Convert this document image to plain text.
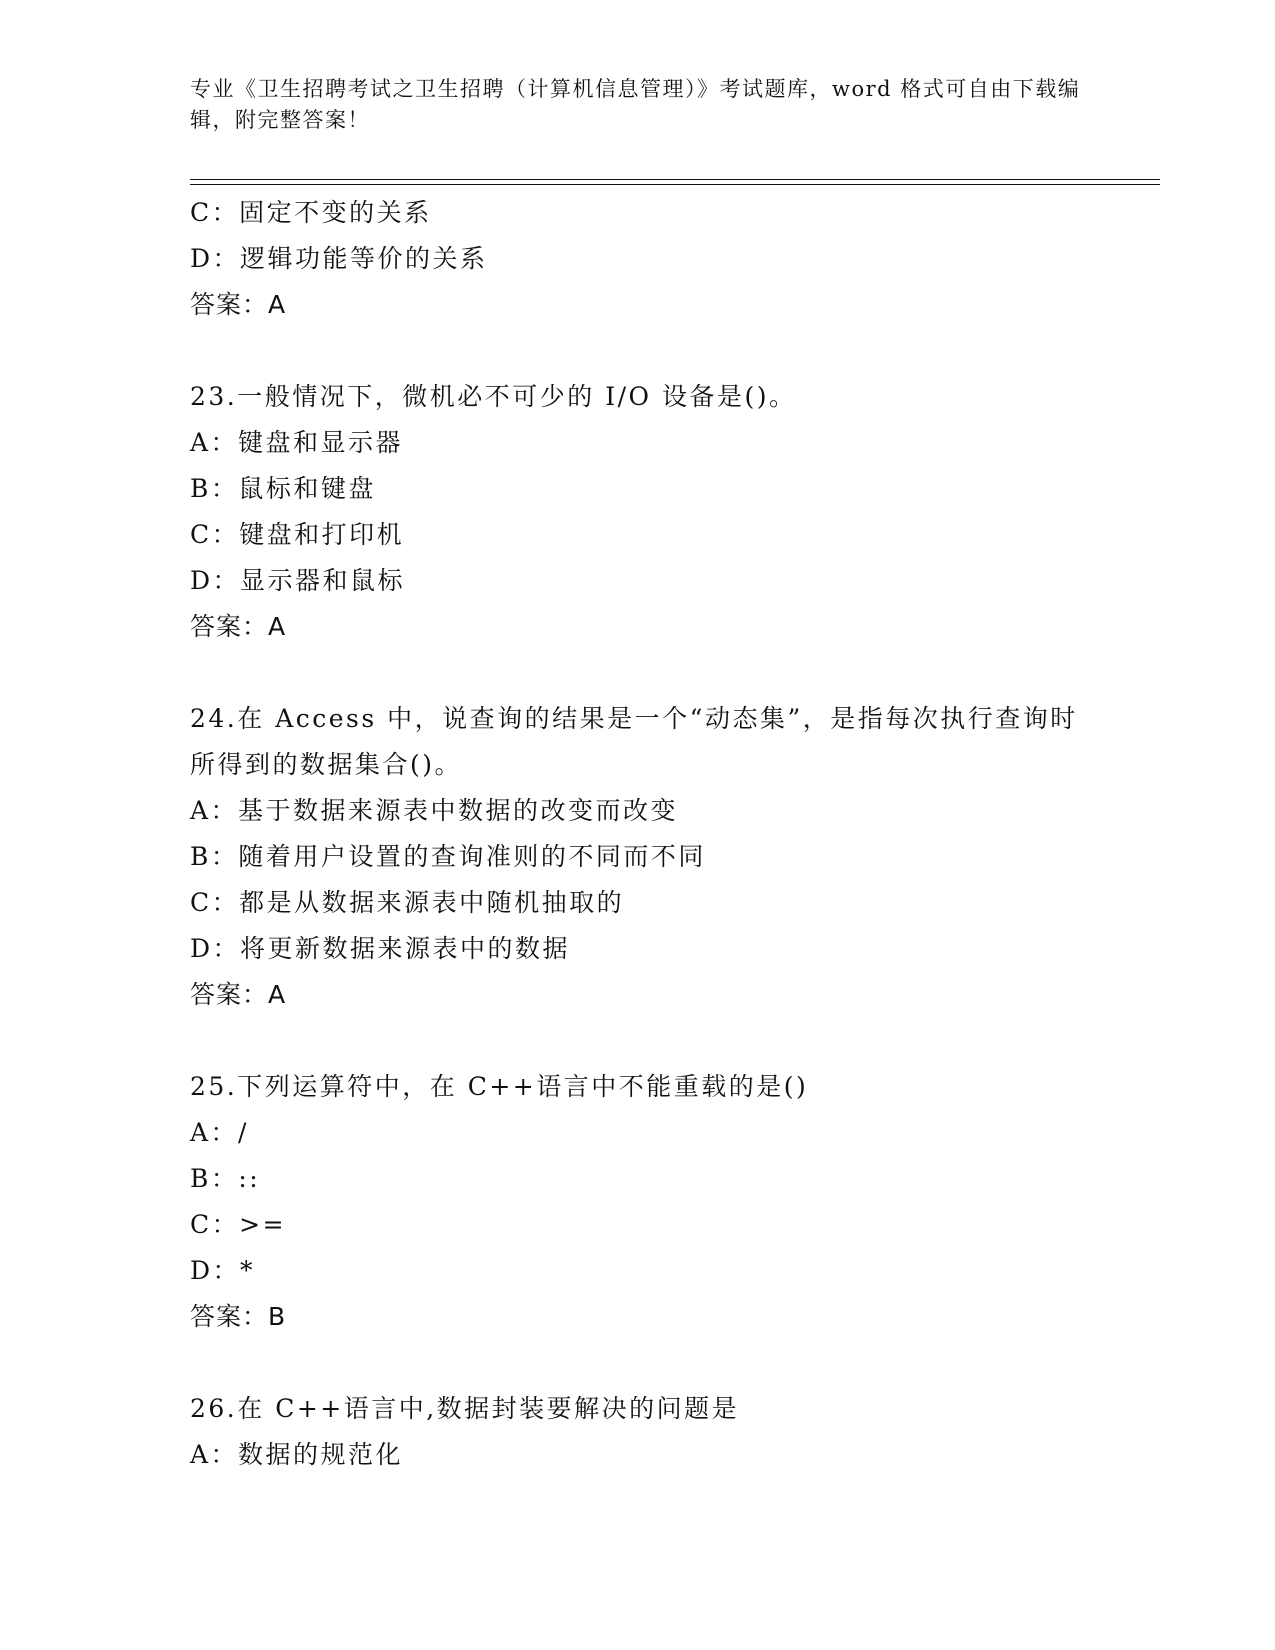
专业《卫生招聘考试之卫生招聘（计算机信息管理）》考试题库，word 格式可自由下载编辑，附完整答案！
C：固定不变的关系
D：逻辑功能等价的关系
答案：A
23.一般情况下，微机必不可少的 I/O 设备是()。
A：键盘和显示器
B：鼠标和键盘
C：键盘和打印机
D：显示器和鼠标
答案：A
24.在 Access 中，说查询的结果是一个“动态集”，是指每次执行查询时所得到的数据集合()。
A：基于数据来源表中数据的改变而改变
B：随着用户设置的查询准则的不同而不同
C：都是从数据来源表中随机抽取的
D：将更新数据来源表中的数据
答案：A
25.下列运算符中，在 C++语言中不能重载的是()
A：/
B：::
C：>=
D：*
答案：B
26.在 C++语言中,数据封装要解决的问题是
A：数据的规范化
